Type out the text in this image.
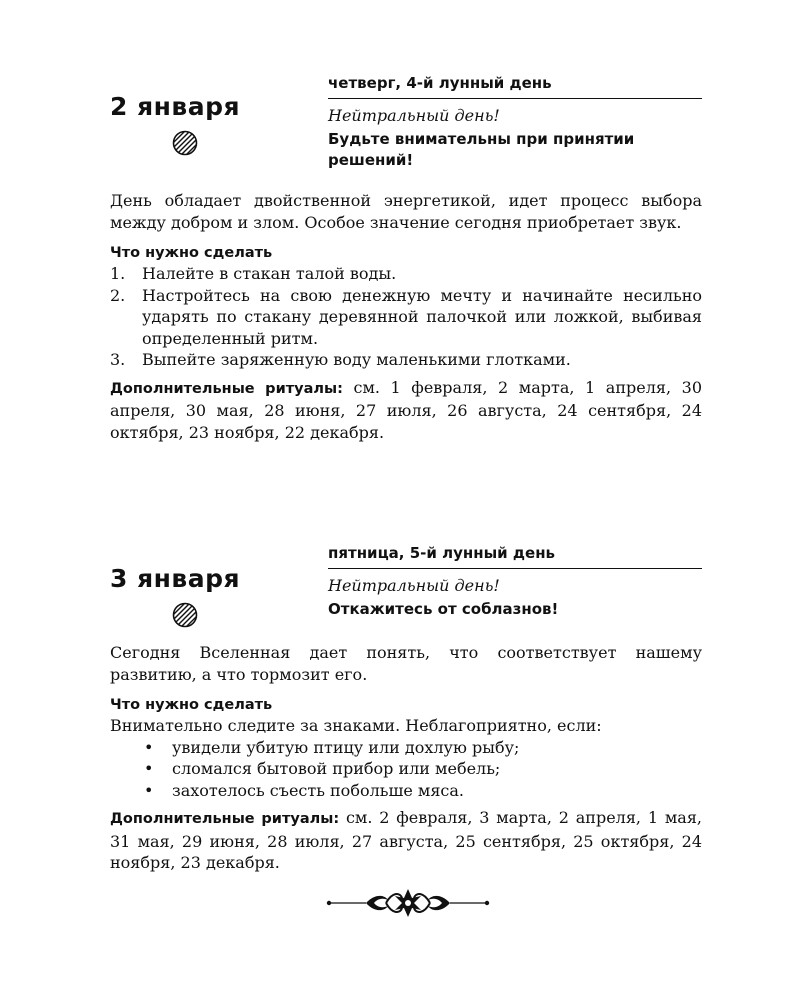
2 января
четверг, 4-й лунный день
Нейтральный день!
Будьте внимательны при принятии решений!

День обладает двойственной энергетикой, идет процесс выбора между добром и злом. Особое значение сегодня приобретает звук.

Что нужно сделать
1. Налейте в стакан талой воды.
2. Настройтесь на свою денежную мечту и начинайте несильно ударять по стакану деревянной палочкой или ложкой, выбивая определенный ритм.
3. Выпейте заряженную воду маленькими глотками.
Дополнительные ритуалы: см. 1 февраля, 2 марта, 1 апреля, 30 апреля, 30 мая, 28 июня, 27 июля, 26 августа, 24 сентября, 24 октября, 23 ноября, 22 декабря.
3 января
пятница, 5-й лунный день
Нейтральный день!
Откажитесь от соблазнов!

Сегодня Вселенная дает понять, что соответствует нашему развитию, а что тормозит его.

Что нужно сделать

Внимательно следите за знаками. Неблагоприятно, если:

• увидели убитую птицу или дохлую рыбу;
• сломался бытовой прибор или мебель;
• захотелось съесть побольше мяса.
Дополнительные ритуалы: см. 2 февраля, 3 марта, 2 апреля, 1 мая, 31 мая, 29 июня, 28 июля, 27 августа, 25 сентября, 25 октября, 24 ноября, 23 декабря.
